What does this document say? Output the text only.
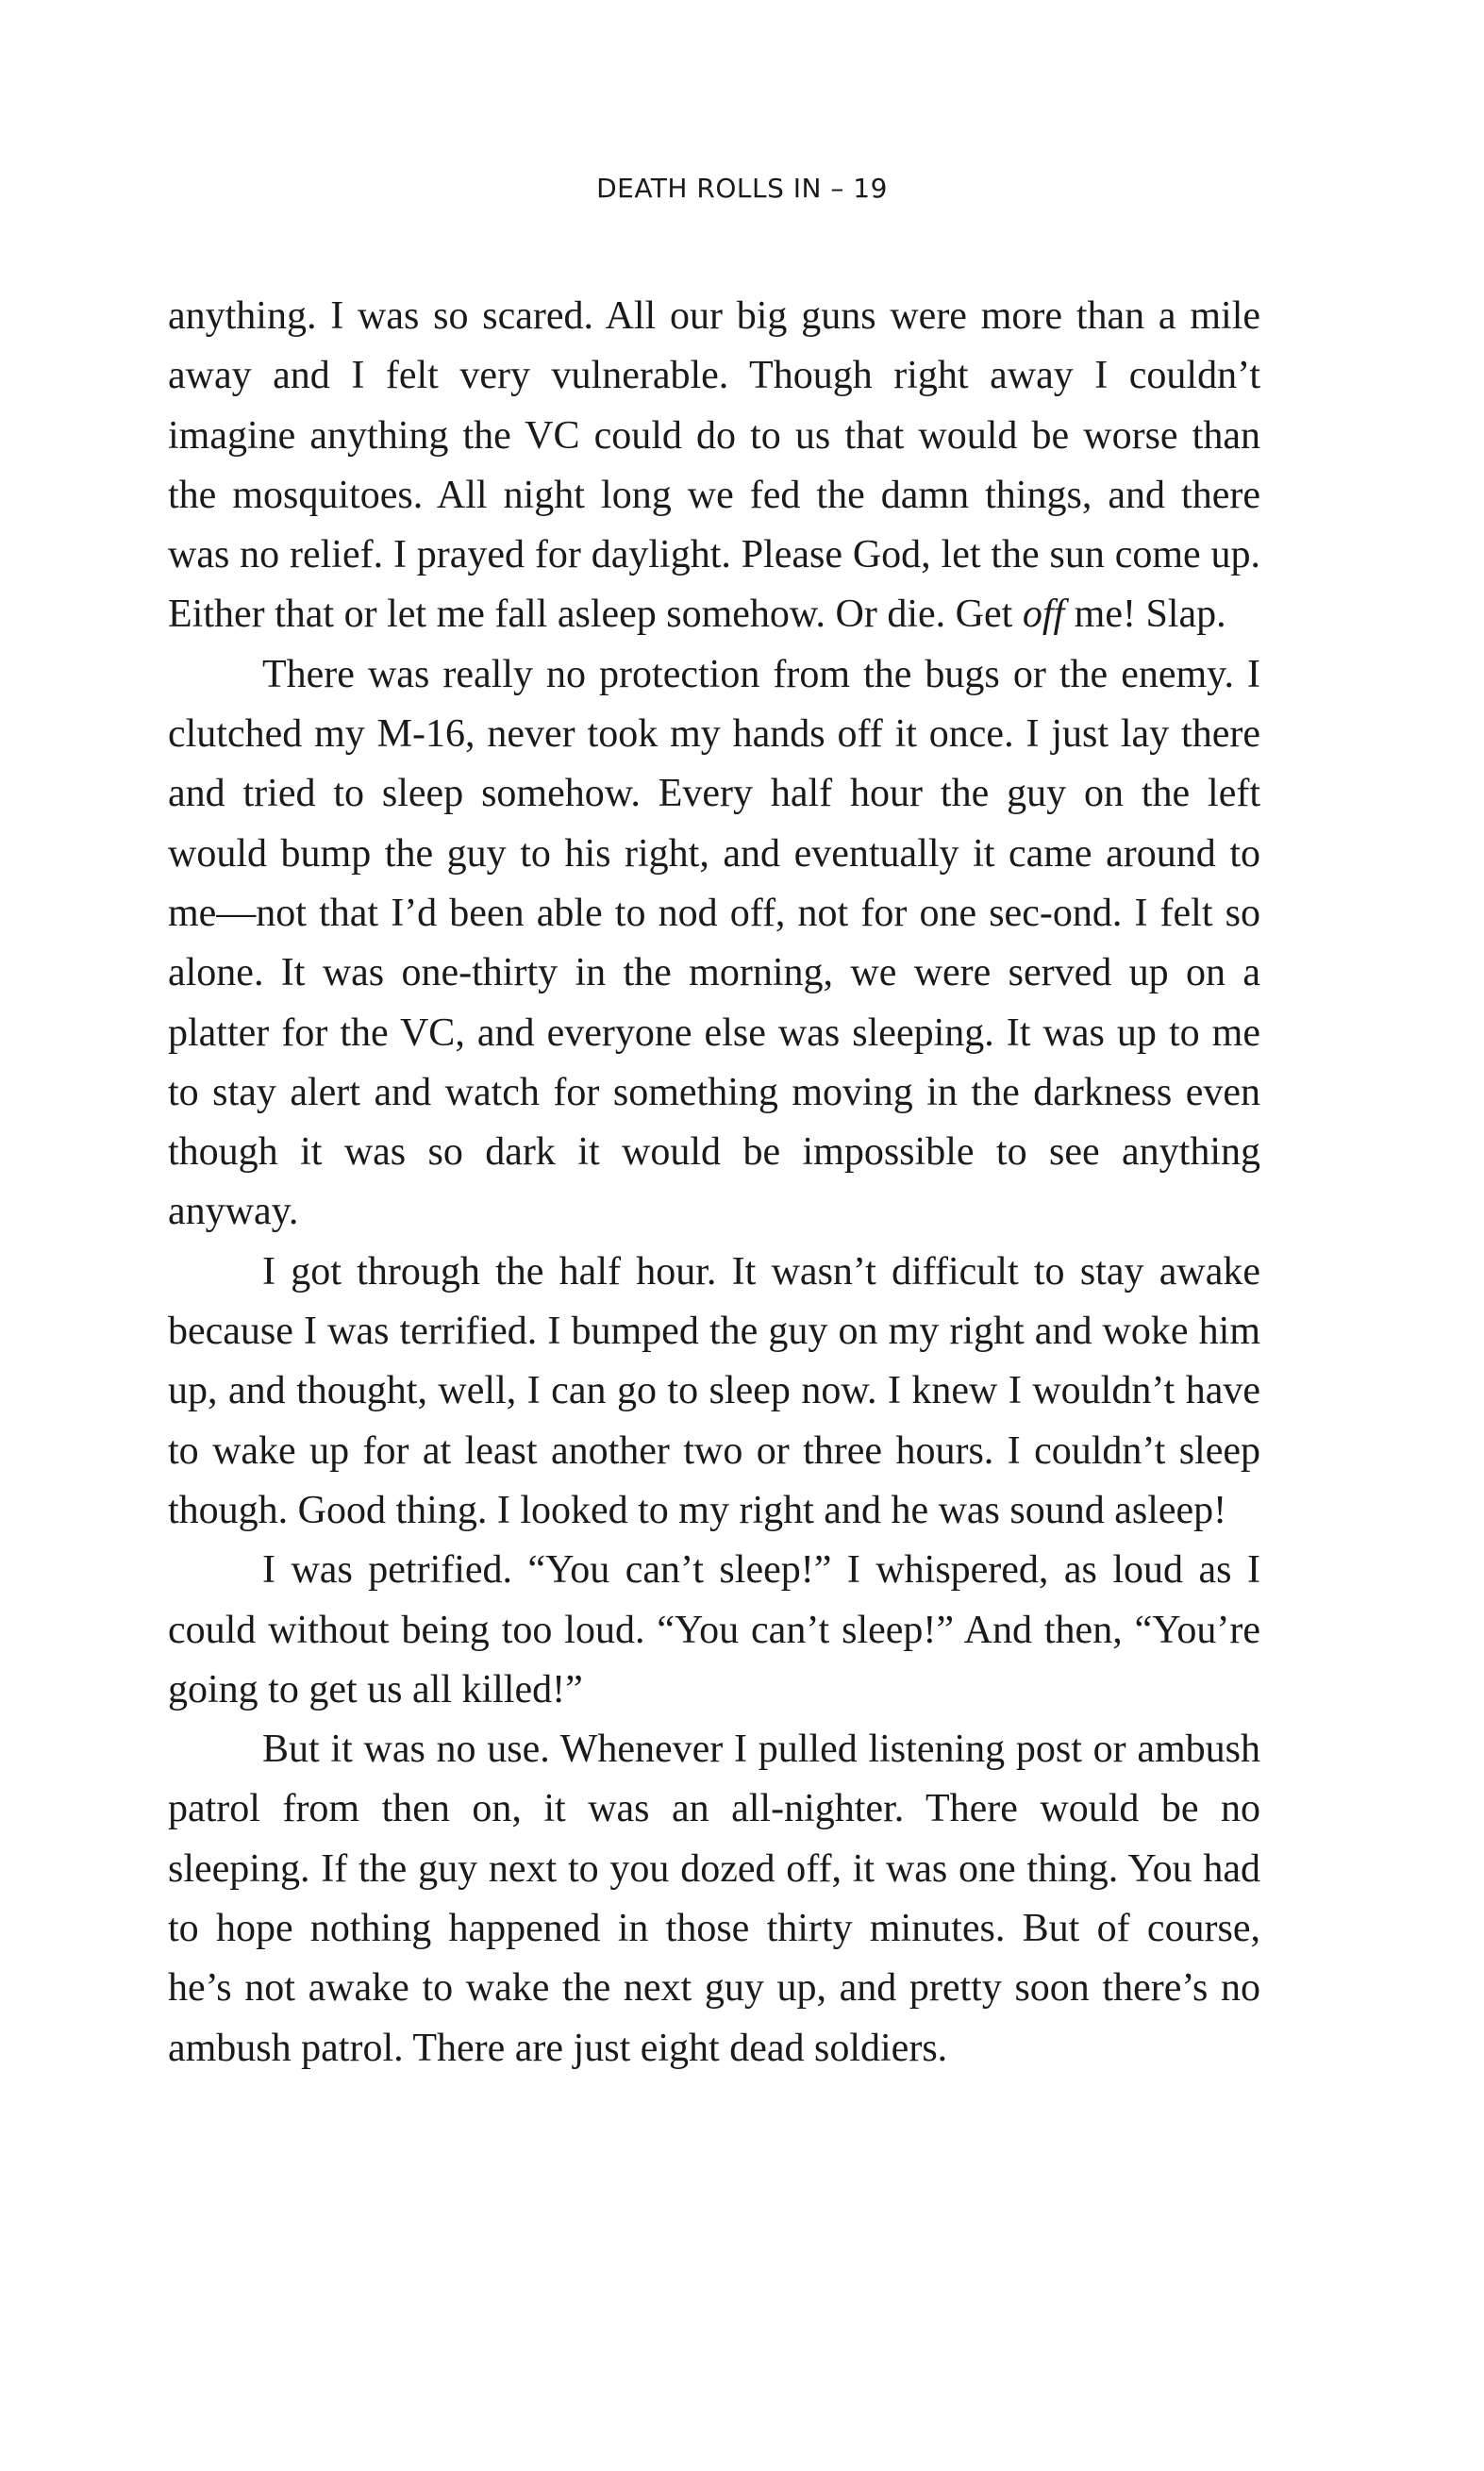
DEATH ROLLS IN – 19

anything. I was so scared. All our big guns were more than a mile away and I felt very vulnerable. Though right away I couldn’t imagine anything the VC could do to us that would be worse than the mosquitoes. All night long we fed the damn things, and there was no relief. I prayed for daylight. Please God, let the sun come up. Either that or let me fall asleep somehow. Or die. Get off me! Slap.

There was really no protection from the bugs or the enemy. I clutched my M-16, never took my hands off it once. I just lay there and tried to sleep somehow. Every half hour the guy on the left would bump the guy to his right, and eventually it came around to me—not that I’d been able to nod off, not for one sec-ond. I felt so alone. It was one-thirty in the morning, we were served up on a platter for the VC, and everyone else was sleeping. It was up to me to stay alert and watch for something moving in the darkness even though it was so dark it would be impossible to see anything anyway.

I got through the half hour. It wasn’t difficult to stay awake because I was terrified. I bumped the guy on my right and woke him up, and thought, well, I can go to sleep now. I knew I wouldn’t have to wake up for at least another two or three hours. I couldn’t sleep though. Good thing. I looked to my right and he was sound asleep!

I was petrified. “You can’t sleep!” I whispered, as loud as I could without being too loud. “You can’t sleep!” And then, “You’re going to get us all killed!”

But it was no use. Whenever I pulled listening post or ambush patrol from then on, it was an all-nighter. There would be no sleeping. If the guy next to you dozed off, it was one thing. You had to hope nothing happened in those thirty minutes. But of course, he’s not awake to wake the next guy up, and pretty soon there’s no ambush patrol. There are just eight dead soldiers.
